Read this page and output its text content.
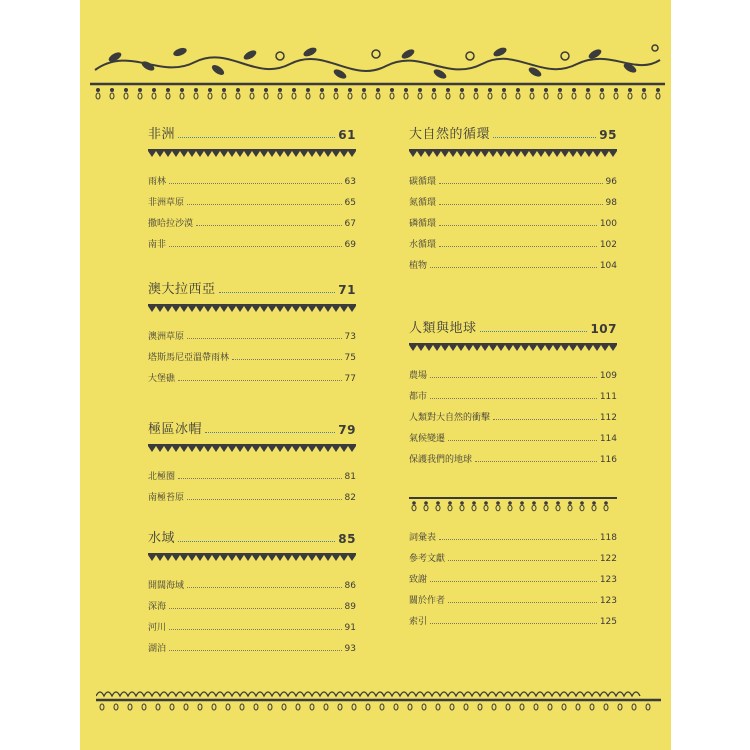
非洲	61
雨林	63
非洲草原	65
撒哈拉沙漠	67
南非	69
澳大拉西亞	71
澳洲草原	73
塔斯馬尼亞溫帶雨林	75
大堡礁	77
極區冰帽	79
北極圈	81
南極苔原	82
水域	85
開闊海域	86
深海	89
河川	91
湖泊	93
大自然的循環	95
碳循環	96
氮循環	98
磷循環	100
水循環	102
植物	104
人類與地球	107
農場	109
都市	111
人類對大自然的衝擊	112
氣候變遷	114
保護我們的地球	116
詞彙表	118
參考文獻	122
致謝	123
關於作者	123
索引	125
